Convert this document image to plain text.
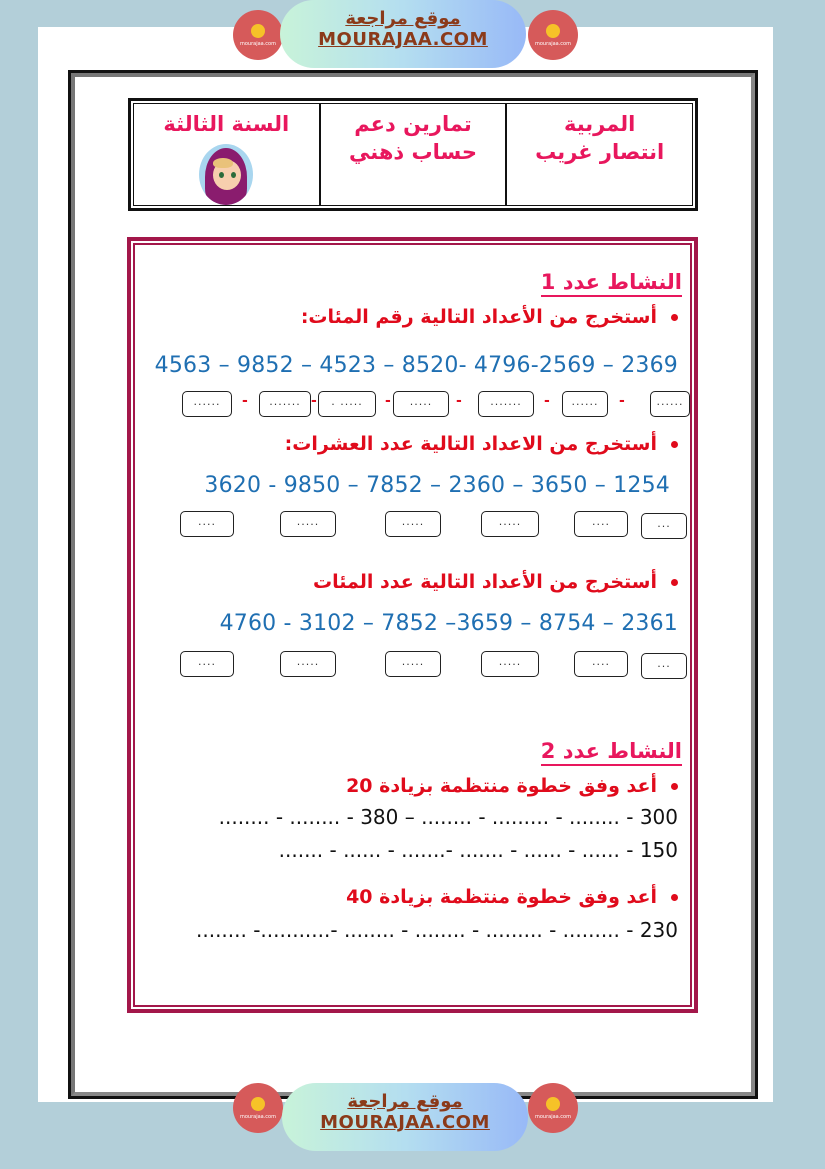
mourajaa.com
موقع مراجعة
MOURAJAA.COM	mourajaa.com
المربية
انتصار غريب
تمارين دعم
حساب ذهني
السنة الثالثة
النشاط عدد 1
أستخرج من الأعداد التالية رقم المئات:
4563 – 9852 – 4523 – 8520- 4796-2569 – 2369
......	-	....... -	. .....	-	.....	-	.......	-	......	-	......
أستخرج من الاعداد التالية عدد العشرات:
3620 - 9850 – 7852 – 2360 – 3650 – 1254
....	.....	.....	.....	....	...
أستخرج من الأعداد التالية عدد المئات
4760 - 3102 – 7852 –3659 – 8754 – 2361
....	.....	.....	.....	....	...
النشاط عدد 2
أعد وفق خطوة منتظمة بزيادة 20
........ - ........ - 380 – ........ - ......... - ........ - 300
....... - ...... - .......- ....... - ...... - ...... - 150
أعد وفق خطوة منتظمة بزيادة 40
........ -...........- ........ - ........ - ......... - ......... - 230
mourajaa.com
موقع مراجعة
MOURAJAA.COM	mourajaa.com
